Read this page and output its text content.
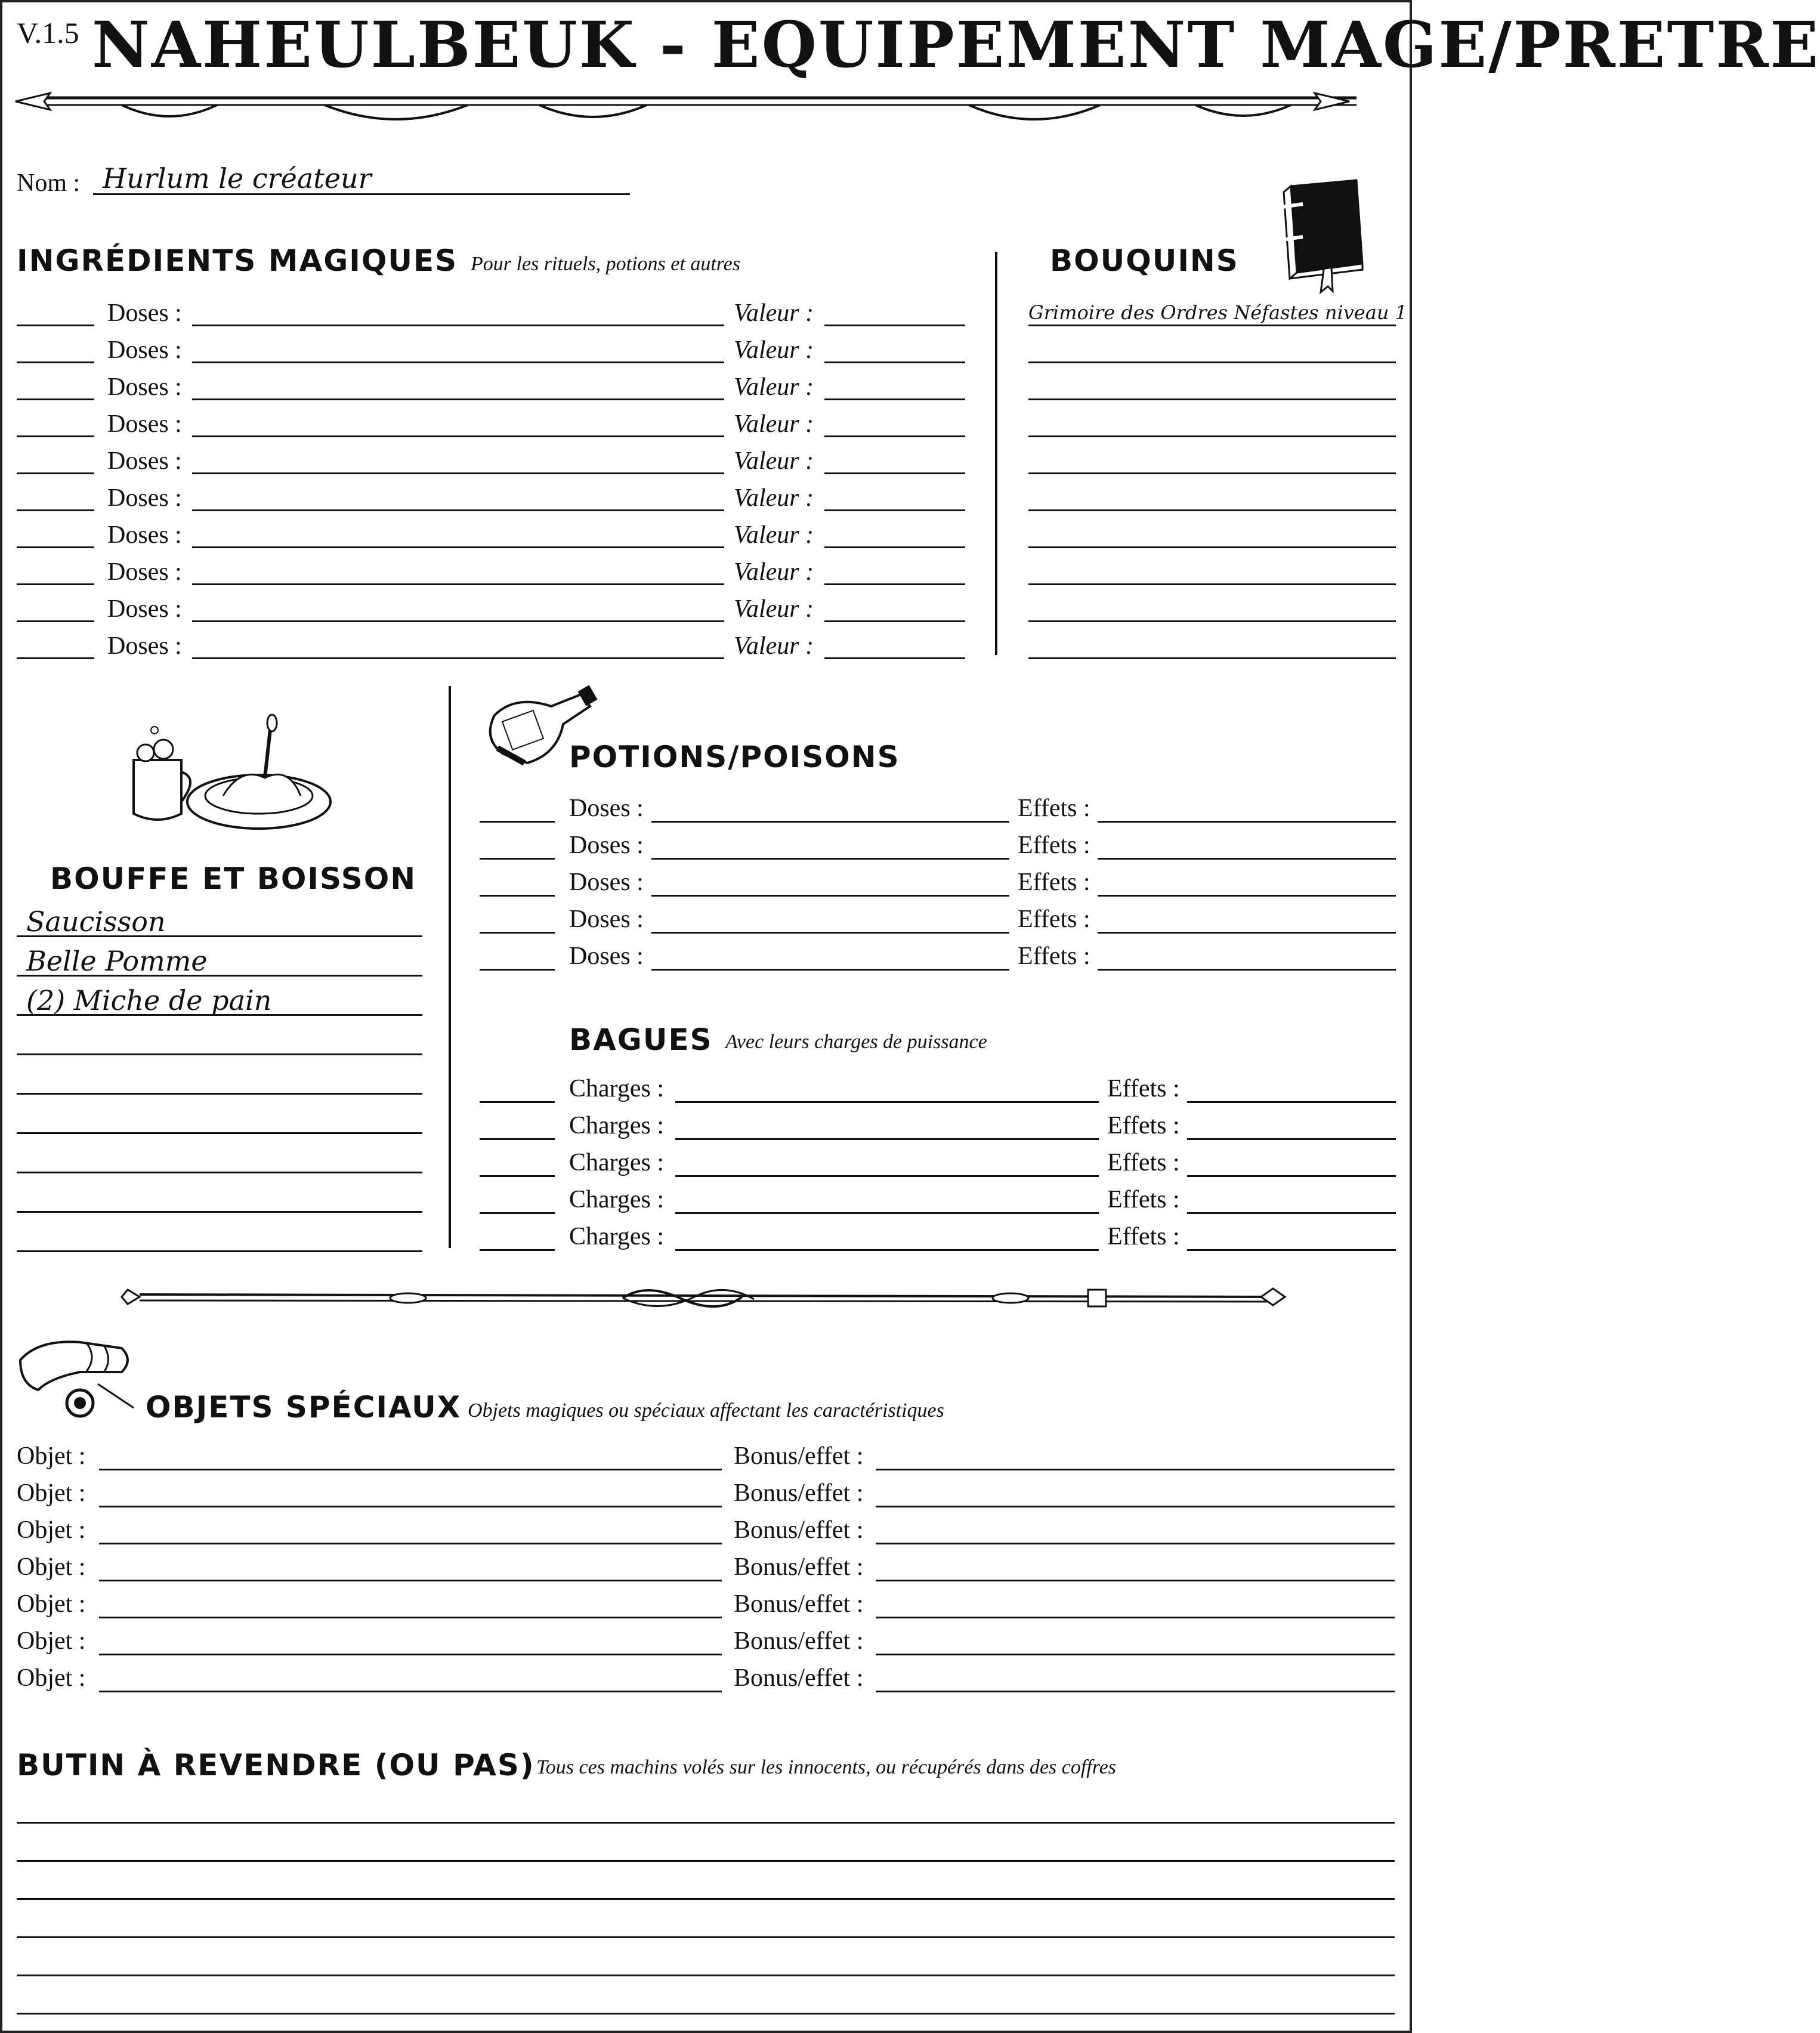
V.1.5 NAHEULBEUK - EQUIPEMENT MAGE/PRETRE
Nom : Hurlum le créateur
INGRÉDIENTS MAGIQUES Pour les rituels, potions et autres
Doses :	Valeur :
Doses :	Valeur :
Doses :	Valeur :
Doses :	Valeur :
Doses :	Valeur :
Doses :	Valeur :
Doses :	Valeur :
Doses :	Valeur :
Doses :	Valeur :
Doses :	Valeur :
BOUQUINS
Grimoire des Ordres Néfastes niveau 1
BOUFFE ET BOISSON
Saucisson
Belle Pomme
(2) Miche de pain
POTIONS/POISONS
Doses :	Effets :
Doses :	Effets :
Doses :	Effets :
Doses :	Effets :
Doses :	Effets :
BAGUES Avec leurs charges de puissance
Charges :	Effets :
Charges :	Effets :
Charges :	Effets :
Charges :	Effets :
Charges :	Effets :
OBJETS SPÉCIAUX Objets magiques ou spéciaux affectant les caractéristiques
Objet :	Bonus/effet :
Objet :	Bonus/effet :
Objet :	Bonus/effet :
Objet :	Bonus/effet :
Objet :	Bonus/effet :
Objet :	Bonus/effet :
Objet :	Bonus/effet :
BUTIN À REVENDRE (OU PAS) Tous ces machins volés sur les innocents, ou récupérés dans des coffres
